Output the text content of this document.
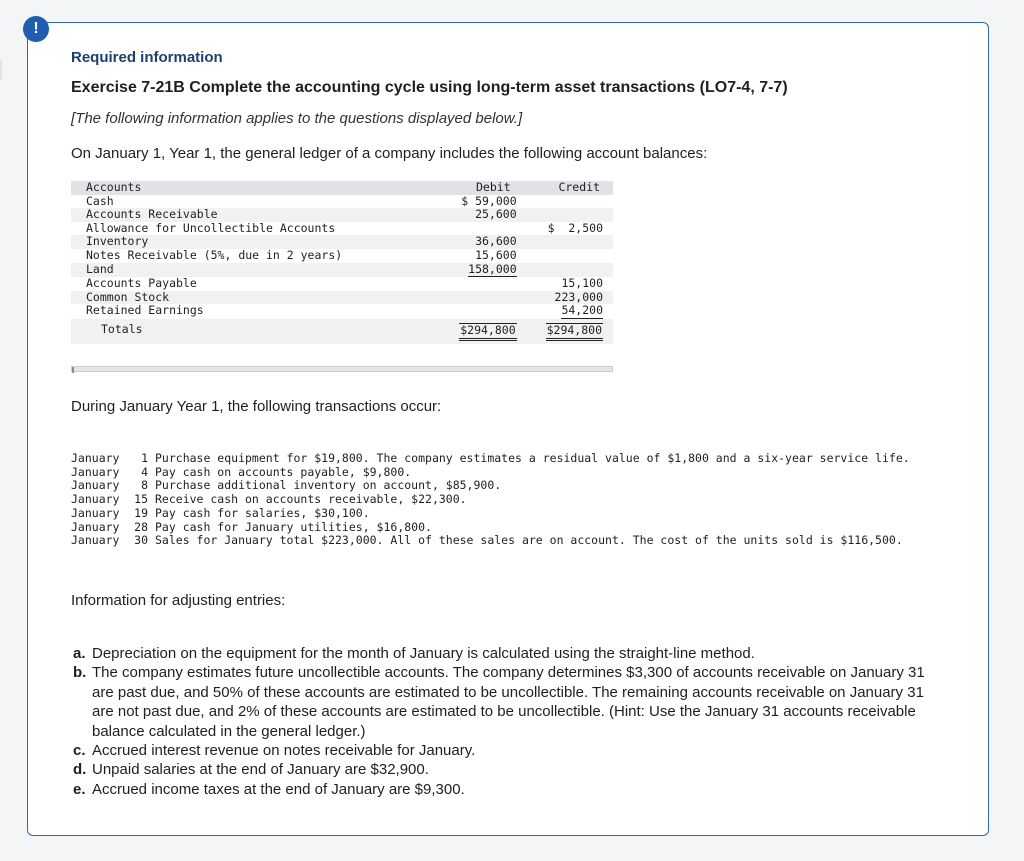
!
Required information
Exercise 7-21B Complete the accounting cycle using long-term asset transactions (LO7-4, 7-7)
[The following information applies to the questions displayed below.]
On January 1, Year 1, the general ledger of a company includes the following account balances:
Accounts	Debit	Credit
Cash	$ 59,000	
Accounts Receivable	25,600	
Allowance for Uncollectible Accounts		$  2,500
Inventory	36,600	
Notes Receivable (5%, due in 2 years)	15,600	
Land	158,000	
Accounts Payable		15,100
Common Stock		223,000
Retained Earnings		54,200
Totals	$294,800	$294,800
During January Year 1, the following transactions occur:
January	1 Purchase equipment for $19,800. The company estimates a residual value of $1,800 and a six-year service life.
January	4 Pay cash on accounts payable, $9,800.
January	8 Purchase additional inventory on account, $85,900.
January	15 Receive cash on accounts receivable, $22,300.
January	19 Pay cash for salaries, $30,100.
January	28 Pay cash for January utilities, $16,800.
January	30 Sales for January total $223,000. All of these sales are on account. The cost of the units sold is $116,500.
Information for adjusting entries:
a. Depreciation on the equipment for the month of January is calculated using the straight-line method.
b. The company estimates future uncollectible accounts. The company determines $3,300 of accounts receivable on January 31 are past due, and 50% of these accounts are estimated to be uncollectible. The remaining accounts receivable on January 31 are not past due, and 2% of these accounts are estimated to be uncollectible. (Hint: Use the January 31 accounts receivable balance calculated in the general ledger.)
c. Accrued interest revenue on notes receivable for January.
d. Unpaid salaries at the end of January are $32,900.
e. Accrued income taxes at the end of January are $9,300.
